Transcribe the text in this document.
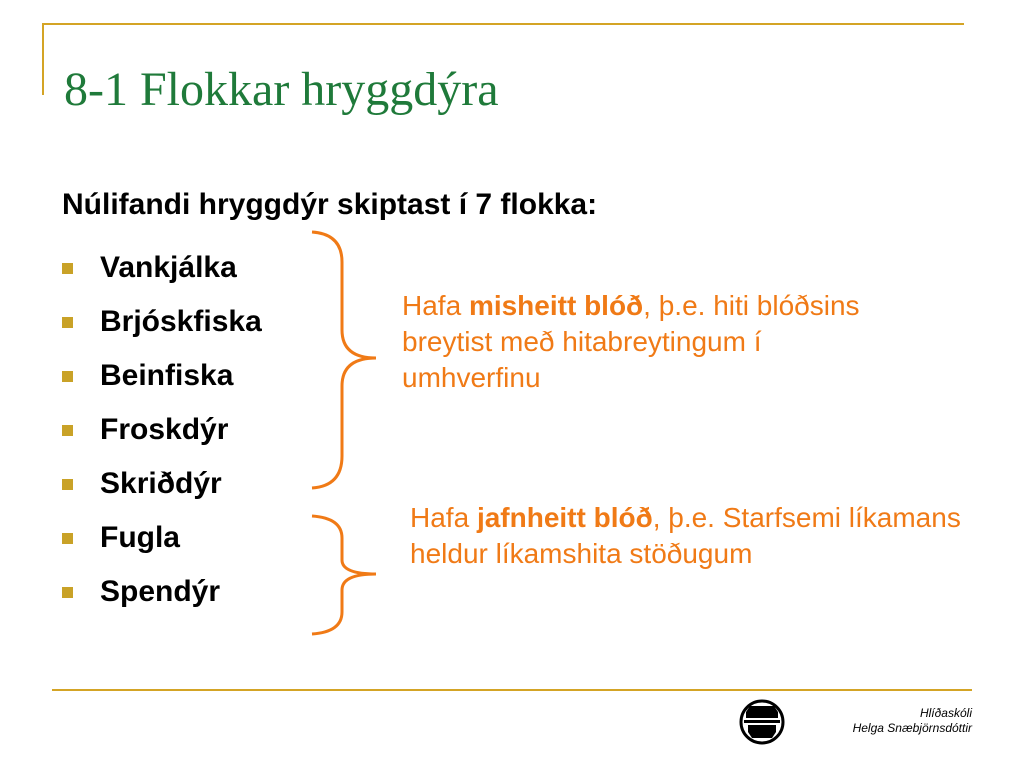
8-1 Flokkar hryggdýra
Núlifandi hryggdýr skiptast í 7 flokka:
Vankjálka
Brjóskfiska
Beinfiska
Froskdýr
Skriðdýr
Fugla
Spendýr
Hafa misheitt blóð, þ.e. hiti blóðsins breytist með hitabreytingum í umhverfinu
Hafa jafnheitt blóð, þ.e. Starfsemi líkamans heldur líkamshita stöðugum
Hlíðaskóli
Helga Snæbjörnsdóttir
